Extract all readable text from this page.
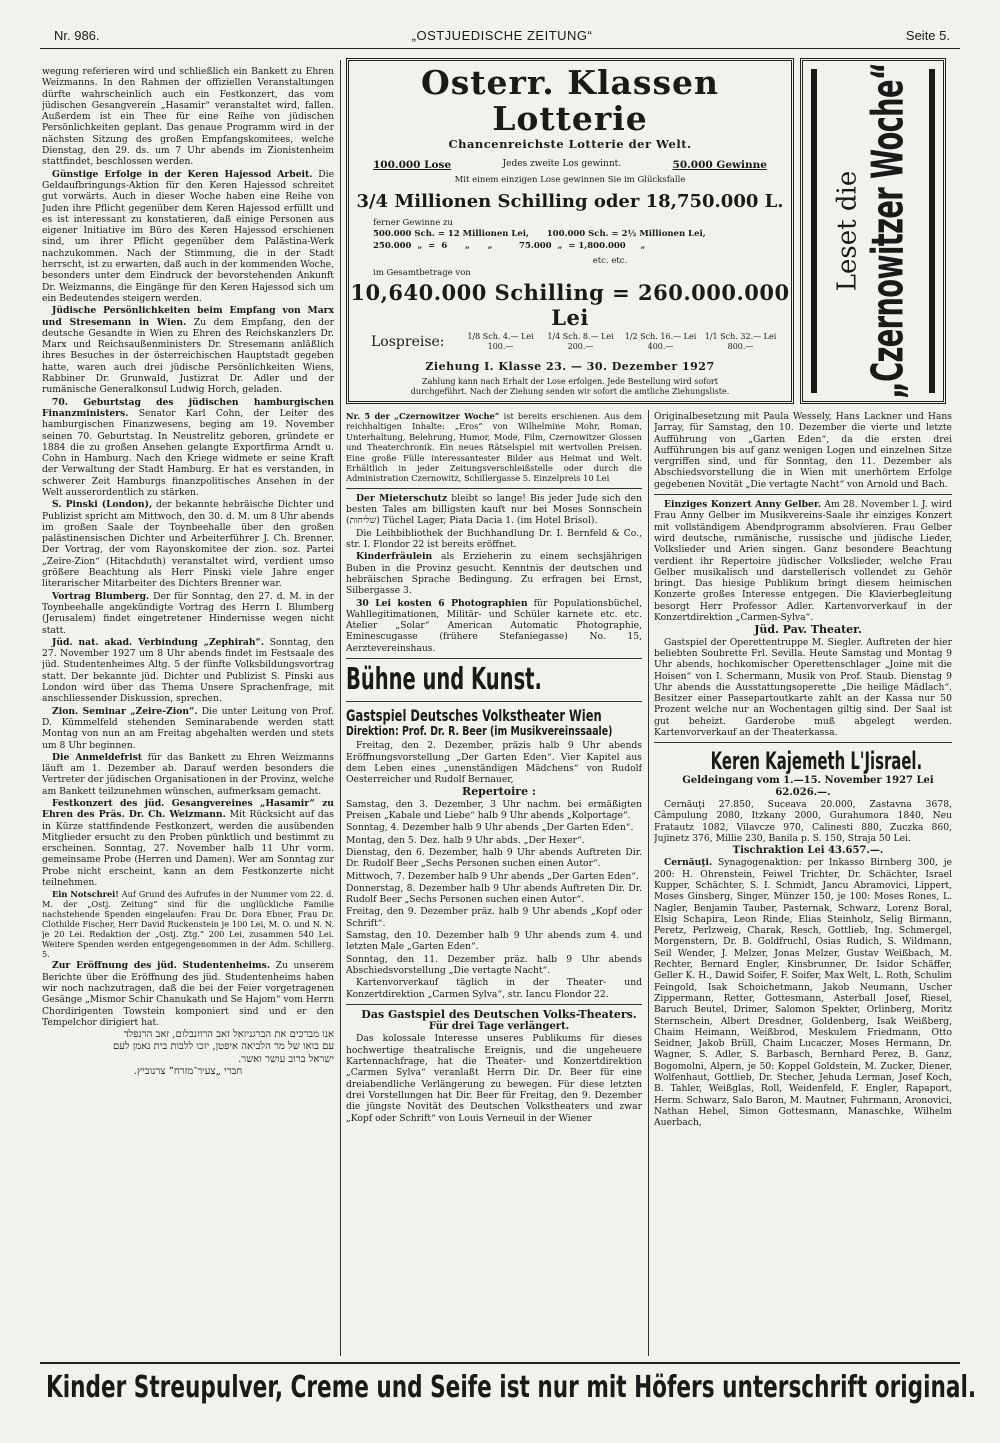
Nr. 986.	„OSTJUEDISCHE ZEITUNG“	Seite 5.

wegung referieren wird und schließlich ein Bankett zu Ehren Weizmanns. In den Rahmen der offiziellen Veranstaltungen dürfte wahrscheinlich auch ein Festkonzert, das vom jüdischen Gesangverein „Hasamir“ veranstaltet wird, fallen. Außerdem ist ein Thee für eine Reihe von jüdischen Persönlichkeiten geplant. Das genaue Programm wird in der nächsten Sitzung des großen Empfangskomitees, welche Dienstag, den 29. ds. um 7 Uhr abends im Zionistenheim stattfindet, beschlossen werden.

Günstige Erfolge in der Keren Hajessod Arbeit. Die Geldaufbringungs-Aktion für den Keren Hajessod schreitet gut vorwärts. Auch in dieser Woche haben eine Reihe von Juden ihre Pflicht gegenüber dem Keren Hajessod erfüllt und es ist interessant zu konstatieren, daß einige Personen aus eigener Initiative im Büro des Keren Hajessod erschienen sind, um ihrer Pflicht gegenüber dem Palästina-Werk nachzukommen. Nach der Stimmung, die in der Stadt herrscht, ist zu erwarten, daß auch in der kommenden Woche, besonders unter dem Eindruck der bevorstehenden Ankunft Dr. Weizmanns, die Eingänge für den Keren Hajessod sich um ein Bedeutendes steigern werden.

Jüdische Persönlichkeiten beim Empfang von Marx und Stresemann in Wien. Zu dem Empfang, den der deutsche Gesandte in Wien zu Ehren des Reichskanzlers Dr. Marx und Reichsaußenministers Dr. Stresemann anläßlich ihres Besuches in der österreichischen Hauptstadt gegeben hatte, waren auch drei jüdische Persönlichkeiten Wiens, Rabbiner Dr. Grunwald, Justizrat Dr. Adler und der rumänische Generalkonsul Ludwig Horch, geladen.

70. Geburtstag des jüdischen hamburgischen Finanzministers. Senator Karl Cohn, der Leiter des hamburgischen Finanzwesens, beging am 19. November seinen 70. Geburtstag. In Neustrelitz geboren, gründete er 1884 die zu großen Ansehen gelangte Exportfirma Arndt u. Cohn in Hamburg. Nach den Kriege widmete er seine Kraft der Verwaltung der Stadt Hamburg. Er hat es verstanden, in schwerer Zeit Hamburgs finanzpolitisches Ansehen in der Welt ausserordentlich zu stärken.

S. Pinski (London), der bekannte hebräische Dichter und Publizist spricht am Mittwoch, den 30. d. M. um 8 Uhr abends im großen Saale der Toynbeehalle über den großen palästinensischen Dichter und Arbeiterführer J. Ch. Brenner. Der Vortrag, der vom Rayonskomitee der zion. soz. Partei „Zeire-Zion“ (Hitachduth) veranstaltet wird, verdient umso größere Beachtung als Herr Pinski viele Jahre enger literarischer Mitarbeiter des Dichters Brenner war.

Vortrag Blumberg. Der für Sonntag, den 27. d. M. in der Toynbeehalle angekündigte Vortrag des Herrn I. Blumberg (Jerusalem) findet eingetretener Hindernisse wegen nicht statt.

Jüd. nat. akad. Verbindung „Zephirah“. Sonntag, den 27. November 1927 um 8 Uhr abends findet im Festsaale des jüd. Studentenheimes Altg. 5 der fünfte Volksbildungsvortrag statt. Der bekannte jüd. Dichter und Publizist S. Pinski aus London wird über das Thema Unsere Sprachenfrage, mit anschliessender Diskussion, sprechen.

Zion. Seminar „Zeire-Zion“. Die unter Leitung von Prof. D. Kümmelfeld stehenden Seminarabende werden statt Montag von nun an am Freitag abgehalten werden und stets um 8 Uhr beginnen.

Die Anmeldefrist für das Bankett zu Ehren Weizmanns läuft am 1. Dezember ab. Darauf werden besonders die Vertreter der jüdischen Organisationen in der Provinz, welche am Bankett teilzunehmen wünschen, aufmerksam gemacht.

Festkonzert des jüd. Gesangvereines „Hasamir“ zu Ehren des Präs. Dr. Ch. Weizmann. Mit Rücksicht auf das in Kürze stattfindende Festkonzert, werden die ausübenden Mitglieder ersucht zu den Proben pünktlich und bestimmt zu erscheinen. Sonntag, 27. November halb 11 Uhr vorm. gemeinsame Probe (Herren und Damen). Wer am Sonntag zur Probe nicht erscheint, kann an dem Festkonzerte nicht teilnehmen.

Ein Notschrei! Auf Grund des Aufrufes in der Nummer vom 22. d. M. der „Ostj. Zeitung“ sind für die unglückliche Familie nachstehende Spenden eingelaufen: Frau Dr. Dora Ebner, Frau Dr. Clothilde Fischer, Herr David Ruckenstein je 100 Lei, M. O. und N. N. je 20 Lei. Redaktion der „Ostj. Ztg.“ 200 Lei, zusammen 540 Lei. Weitere Spenden werden entgegengenommen in der Adm. Schillerg. 5.

Zur Eröffnung des jüd. Studentenheims. Zu unserem Berichte über die Eröffnung des jüd. Studentenheims haben wir noch nachzutragen, daß die bei der Feier vorgetragenen Gesänge „Mismor Schir Chanukath und Se Hajom“ vom Herrn Chordirigenten Towstein komponiert sind und er den Tempelchor dirigiert hat.

אנו מברכים את הברגניזאל זאב הרוזנבלום, זאב הרנפלד

עם בואו של מר הלביאה איפטן, יזכו ללבות בית נאמן לעם

ישראל ברוב עושר ואשר.

חברי „צעיר־מזרח“ צרנוביץ.

Osterr. Klassen Lotterie
Chancenreichste Lotterie der Welt.
100.000 Lose	Jedes zweite Los gewinnt.	50.000 Gewinne
Mit einem einzigen Lose gewinnen Sie im Glücksfalle
3/4 Millionen Schilling oder 18,750.000 L.
ferner Gewinne zu
500.000 Sch. = 12 Millionen Lei,      100.000 Sch. = 2½ Millionen Lei,
250.000  „  =  6      „      „         75.000  „  = 1,800.000     „
etc. etc.
im Gesamtbetrage von
10,640.000 Schilling = 260.000.000 Lei
Lospreise:	1/8 Sch. 4.— Lei 100.—
1/4 Sch. 8.— Lei 200.—
1/2 Sch. 16.— Lei 400.—
1/1 Sch. 32.— Lei 800.—
Ziehung I. Klasse 23. — 30. Dezember 1927
Zahlung kann nach Erhalt der Lose erfolgen. Jede Bestellung wird sofort durchgeführt. Nach der Ziehung senden wir sofort die amtliche Ziehungsliste.
Leset die „Czernowitzer Woche“

Nr. 5 der „Czernowitzer Woche“ ist bereits erschienen. Aus dem reichhaltigen Inhalte: „Eros“ von Wilhelmine Mohr, Roman, Unterhaltung, Belehrung, Humor, Mode, Film, Czernowitzer Glossen und Theaterchronik. Ein neues Rätselspiel mit wertvollen Preisen. Eine große Fülle interessantester Bilder aus Heimat und Welt. Erhältlich in jeder Zeitungsverschleißstelle oder durch die Administration Czernowitz, Schillergasse 5. Einzelpreis 10 Lei

Der Mieterschutz bleibt so lange! Bis jeder Jude sich den besten Tales am billigsten kauft nur bei Moses Sonnschein (שליחות) Tüchel Lager, Piata Dacia 1. (im Hotel Brisol).

Die Leihbibliothek der Buchhandlung Dr. I. Bernfeld & Co., str. I. Flondor 22 ist bereits eröffnet.

Kinderfräulein als Erzieherin zu einem sechsjährigen Buben in die Provinz gesucht. Kenntnis der deutschen und hebräischen Sprache Bedingung. Zu erfragen bei Ernst, Silbergasse 3.

30 Lei kosten 6 Photographien für Populationsbüchel, Wahllegitimationen, Militär- und Schüler karnete etc. etc. Atelier „Solar“ American Automatic Photographie, Eminescugasse (frühere Stefaniegasse) No. 15, Aerztevereinshaus.

Bühne und Kunst.
Gastspiel Deutsches Volkstheater Wien
Direktion: Prof. Dr. R. Beer (im Musikvereinssaale)

Freitag, den 2. Dezember, präzis halb 9 Uhr abends Eröffnungsvorstellung „Der Garten Eden“. Vier Kapitel aus dem Leben eines „unenständigen Mädchens“ von Rudolf Oesterreicher und Rudolf Bernauer,

Repertoire :

Samstag, den 3. Dezember, 3 Uhr nachm. bei ermäßigten Preisen „Kabale und Liebe“ halb 9 Uhr abends „Kolportage“.

Sonntag, 4. Dezember halb 9 Uhr abends „Der Garten Eden“.

Montag, den 5. Dez. halb 9 Uhr abds. „Der Hexer“.

Dienstag, den 6. Dezember, halb 9 Uhr abends Auftreten Dir. Dr. Rudolf Beer „Sechs Personen suchen einen Autor“.

Mittwoch, 7. Dezember halb 9 Uhr abends „Der Garten Eden“.

Donnerstag, 8. Dezember halb 9 Uhr abends Auftreten Dir. Dr. Rudolf Beer „Sechs Personen suchen einen Autor“.

Freitag, den 9. Dezember präz. halb 9 Uhr abends „Kopf oder Schrift“.

Samstag, den 10. Dezember halb 9 Uhr abends zum 4. und letzten Male „Garten Eden“.

Sonntag, den 11. Dezember präz. halb 9 Uhr abends Abschiedsvorstellung „Die vertagte Nacht“.

Kartenvorverkauf täglich in der Theater- und Konzertdirektion „Carmen Sylva“, str. Iancu Flondor 22.

Das Gastspiel des Deutschen Volks-Theaters.

Für drei Tage verlängert.

Das kolossale Interesse unseres Publikums für dieses hochwertige theatralische Ereignis, und die ungeheuere Kartennachfrage, hat die Theater- und Konzertdirektion „Carmen Sylva“ veranlaßt Herrn Dir. Dr. Beer für eine dreiabendliche Verlängerung zu bewegen. Für diese letzten drei Vorstellungen hat Dir. Beer für Freitag, den 9. Dezember die jüngste Novität des Deutschen Volkstheaters und zwar „Kopf oder Schrift“ von Louis Verneuil in der Wiener

Originalbesetzung mit Paula Wessely, Hans Lackner und Hans Jarray, für Samstag, den 10. Dezember die vierte und letzte Aufführung von „Garten Eden“, da die ersten drei Aufführungen bis auf ganz wenigen Logen und einzelnen Sitze vergriffen sind, und für Sonntag, den 11. Dezember als Abschiedsvorstellung die in Wien mit unerhörtem Erfolge gegebenen Novität „Die vertagte Nacht“ von Arnold und Bach.

Einziges Konzert Anny Gelber. Am 28. November l. J. wird Frau Anny Gelber im Musikvereins-Saale ihr einziges Konzert mit vollständigem Abendprogramm absolvieren. Frau Gelber wird deutsche, rumänische, russische und jüdische Lieder, Volkslieder und Arien singen. Ganz besondere Beachtung verdient ihr Repertoire jüdischer Volkslieder, welche Frau Gelber musikalisch und darstellerisch vollendet zu Gehör bringt. Das hiesige Publikum bringt diesem heimischen Konzerte großes Interesse entgegen. Die Klavierbegleitung besorgt Herr Professor Adler. Kartenvorverkauf in der Konzertdirektion „Carmen-Sylva“.

Jüd. Pav. Theater.

Gastspiel der Operettentruppe M. Siegler. Auftreten der hier beliebten Soubrette Frl. Sevilla. Heute Samstag und Montag 9 Uhr abends, hochkomischer Operettenschlager „Joine mit die Hoisen“ von I. Schermann, Musik von Prof. Staub. Dienstag 9 Uhr abends die Ausstattungsoperette „Die heilige Mädlach“. Besitzer einer Passepartoutkarte zahlt an der Kassa nur 50 Prozent welche nur an Wochentagen giltig sind. Der Saal ist gut beheizt. Garderobe muß abgelegt werden. Kartenvorverkauf an der Theaterkassa.

Keren Kajemeth L'Jisrael.

Geldeingang vom 1.—15. November 1927 Lei 62.026.—.

Cernăuţi 27.850, Suceava 20.000, Zastavna 3678, Câmpulung 2080, Itzkany 2000, Gurahumora 1840, Neu Fratautz 1082, Vilavcze 970, Calinesti 880, Zuczka 860, Jujinetz 376, Millie 230, Banila p. S. 150, Straja 50 Lei.

Tischraktion Lei 43.657.—.

Cernăuţi. Synagogenaktion: per Inkasso Birnberg 300, je 200: H. Ohrenstein, Feiwel Trichter, Dr. Schächter, Israel Kupper, Schächter, S. I. Schmidt, Jancu Abramovici, Lippert, Moses Ginsberg, Singer, Münzer 150, je 100: Moses Rones, L. Nagler, Benjamin Tauber, Pasternak, Schwarz, Lorenz Boral, Elsig Schapira, Leon Rinde, Elias Steinholz, Selig Birmann, Peretz, Perlzweig, Charak, Resch, Gottlieb, Ing. Schmergel, Morgenstern, Dr. B. Goldfruchl, Osias Rudich, S. Wildmann, Seil Wender, J. Melzer, Jonas Melzer, Gustav Weißbach, M. Rechter, Bernard Engler, Kinsbrunner, Dr. Isidor Schäffer, Geller K. H., Dawid Soifer, F. Soifer, Max Welt, L. Roth, Schulim Feingold, Isak Schoichetmann, Jakob Neumann, Uscher Zippermann, Retter, Gottesmann, Asterball Josef, Riesel, Baruch Beutel, Drimer, Salomon Spekter, Orlinberg, Moritz Sternschein, Albert Dresdner, Goldenberg, Isak Weißberg, Chaim Heimann, Weißbrod, Meskulem Friedmann, Otto Seidner, Jakob Brüll, Chaim Lucaczer, Moses Hermann, Dr. Wagner, S. Adler, S. Barbasch, Bernhard Perez, B. Ganz, Bogomolni, Alpern, je 50: Koppel Goldstein, M. Zucker, Diener, Wolfenhaut, Gottlieb, Dr. Stecher, Jehuda Lerman, Josef Koch, B. Tahler, Weißglas, Roll, Weidenfeld, F. Engler, Rapaport, Herm. Schwarz, Salo Baron, M. Mautner, Fuhrmann, Aronovici, Nathan Hebel, Simon Gottesmann, Manaschke, Wilhelm Auerbach,

Kinder Streupulver, Creme und Seife ist nur mit Höfers unterschrift original.
